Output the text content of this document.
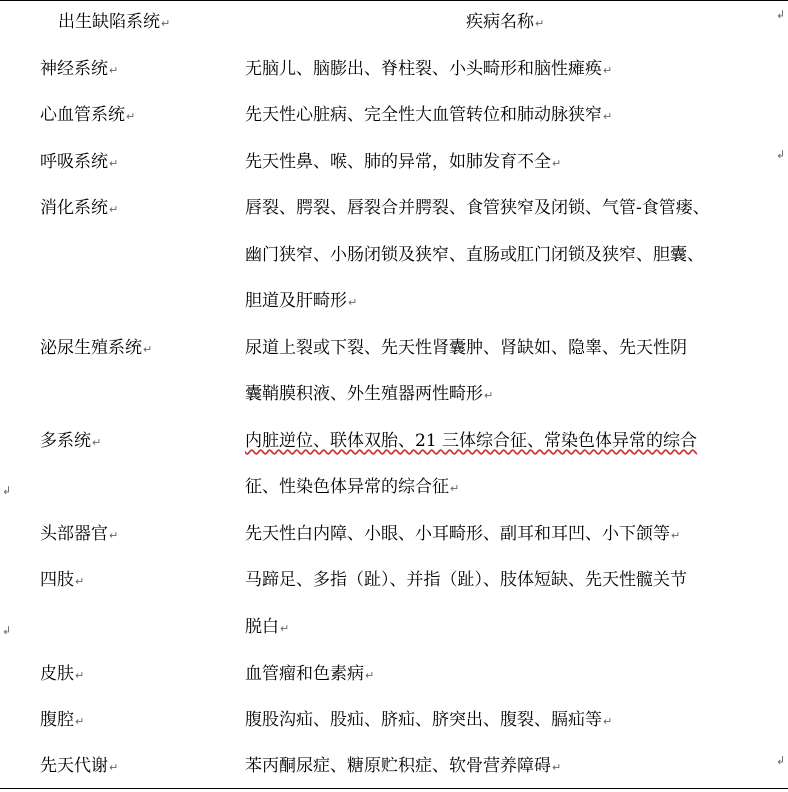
出生缺陷系统↵	疾病名称↵
↲
神经系统↵	无脑儿、脑膨出、脊柱裂、小头畸形和脑性瘫痪↵
心血管系统↵	先天性心脏病、完全性大血管转位和肺动脉狭窄↵
呼吸系统↵	先天性鼻、喉、肺的异常，如肺发育不全↵
↲
消化系统↵	唇裂、腭裂、唇裂合并腭裂、食管狭窄及闭锁、气管-食管瘘、
幽门狭窄、小肠闭锁及狭窄、直肠或肛门闭锁及狭窄、胆囊、
胆道及肝畸形↵
泌尿生殖系统↵	尿道上裂或下裂、先天性肾囊肿、肾缺如、隐睾、先天性阴
囊鞘膜积液、外生殖器两性畸形↵
多系统↵	内脏逆位、联体双胎、21 三体综合征、常染色体异常的综合
征、性染色体异常的综合征↵
↲
头部器官↵	先天性白内障、小眼、小耳畸形、副耳和耳凹、小下颌等↵
四肢↵	马蹄足、多指（趾）、并指（趾）、肢体短缺、先天性髋关节
脱白↵
↲
皮肤↵	血管瘤和色素病↵
腹腔↵	腹股沟疝、股疝、脐疝、脐突出、腹裂、膈疝等↵
先天代谢↵	苯丙酮尿症、糖原贮积症、软骨营养障碍↵
↲
